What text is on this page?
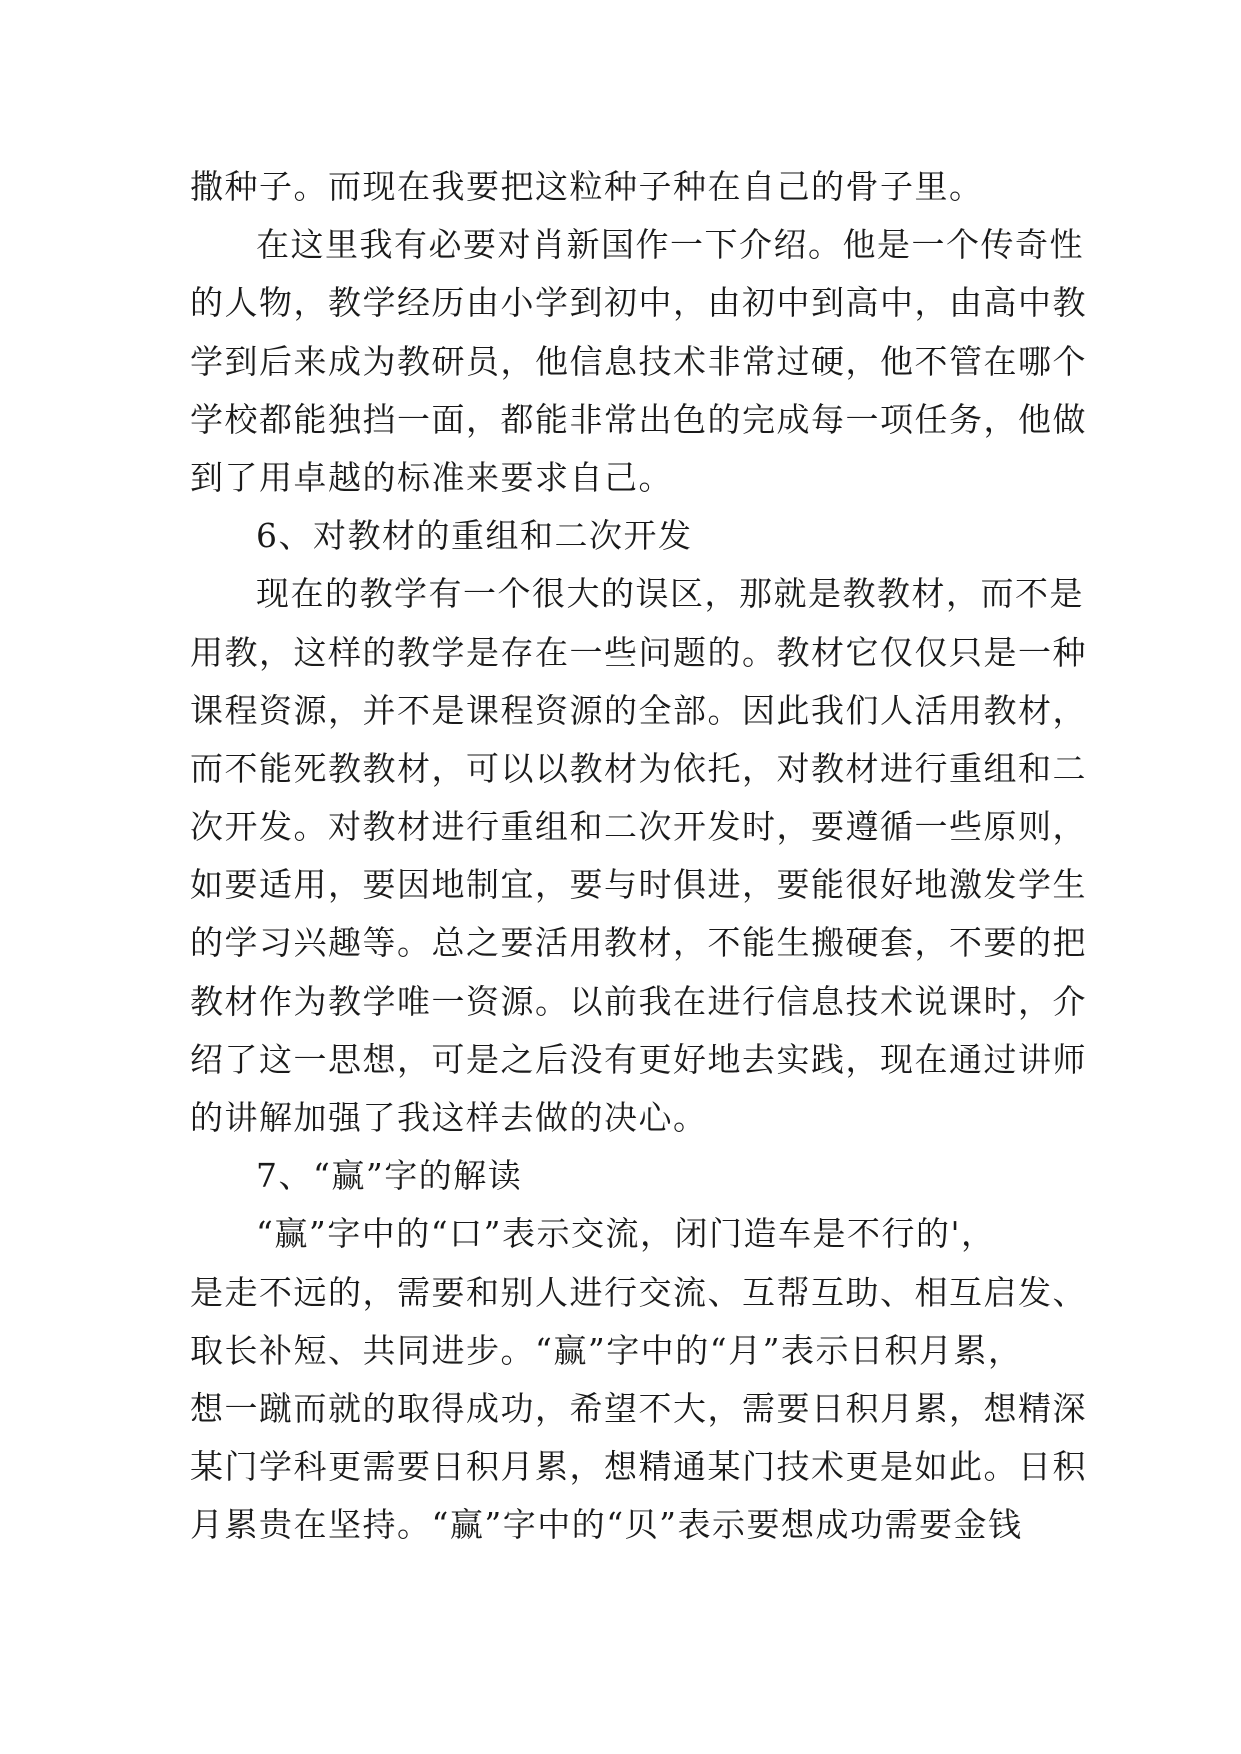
撒种子。而现在我要把这粒种子种在自己的骨子里。
在这里我有必要对肖新国作一下介绍。他是一个传奇性
的人物，教学经历由小学到初中，由初中到高中，由高中教
学到后来成为教研员，他信息技术非常过硬，他不管在哪个
学校都能独挡一面，都能非常出色的完成每一项任务，他做
到了用卓越的标准来要求自己。
6、对教材的重组和二次开发
现在的教学有一个很大的误区，那就是教教材，而不是
用教，这样的教学是存在一些问题的。教材它仅仅只是一种
课程资源，并不是课程资源的全部。因此我们人活用教材，
而不能死教教材，可以以教材为依托，对教材进行重组和二
次开发。对教材进行重组和二次开发时，要遵循一些原则，
如要适用，要因地制宜，要与时俱进，要能很好地激发学生
的学习兴趣等。总之要活用教材，不能生搬硬套，不要的把
教材作为教学唯一资源。以前我在进行信息技术说课时，介
绍了这一思想，可是之后没有更好地去实践，现在通过讲师
的讲解加强了我这样去做的决心。
7、“赢”字的解读
“赢”字中的“口”表示交流，闭门造车是不行的'，
是走不远的，需要和别人进行交流、互帮互助、相互启发、
取长补短、共同进步。“赢”字中的“月”表示日积月累，
想一蹴而就的取得成功，希望不大，需要日积月累，想精深
某门学科更需要日积月累，想精通某门技术更是如此。日积
月累贵在坚持。“赢”字中的“贝”表示要想成功需要金钱
